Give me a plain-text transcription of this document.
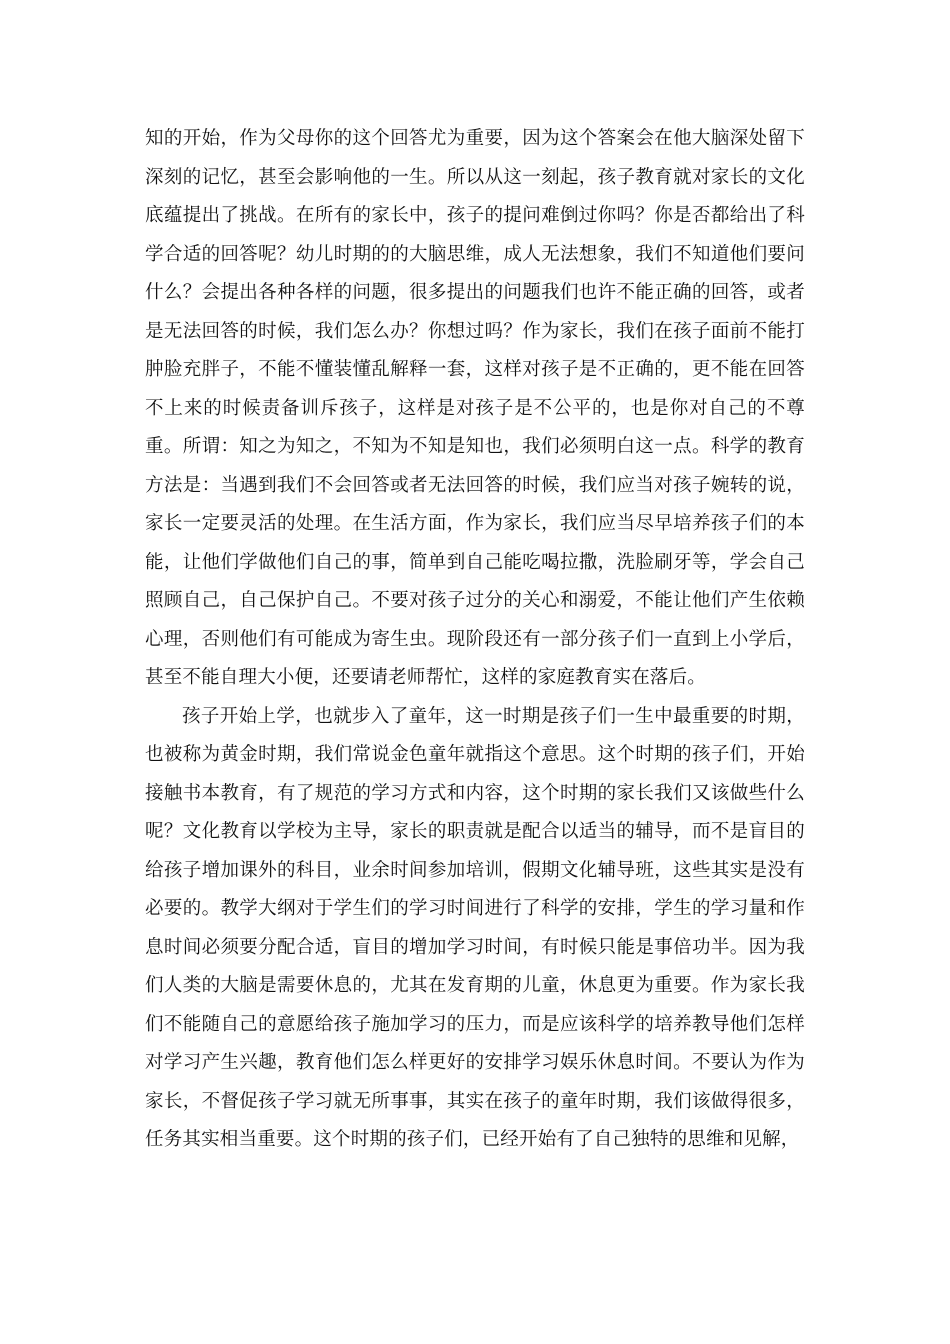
知的开始，作为父母你的这个回答尤为重要，因为这个答案会在他大脑深处留下深刻的记忆，甚至会影响他的一生。所以从这一刻起，孩子教育就对家长的文化底蕴提出了挑战。在所有的家长中，孩子的提问难倒过你吗？你是否都给出了科学合适的回答呢？幼儿时期的的大脑思维，成人无法想象，我们不知道他们要问什么？会提出各种各样的问题，很多提出的问题我们也许不能正确的回答，或者是无法回答的时候，我们怎么办？你想过吗？作为家长，我们在孩子面前不能打肿脸充胖子，不能不懂装懂乱解释一套，这样对孩子是不正确的，更不能在回答不上来的时候责备训斥孩子，这样是对孩子是不公平的，也是你对自己的不尊重。所谓：知之为知之，不知为不知是知也，我们必须明白这一点。科学的教育方法是：当遇到我们不会回答或者无法回答的时候，我们应当对孩子婉转的说，家长一定要灵活的处理。在生活方面，作为家长，我们应当尽早培养孩子们的本能，让他们学做他们自己的事，简单到自己能吃喝拉撒，洗脸刷牙等，学会自己照顾自己，自己保护自己。不要对孩子过分的关心和溺爱，不能让他们产生依赖心理，否则他们有可能成为寄生虫。现阶段还有一部分孩子们一直到上小学后，甚至不能自理大小便，还要请老师帮忙，这样的家庭教育实在落后。

孩子开始上学，也就步入了童年，这一时期是孩子们一生中最重要的时期，也被称为黄金时期，我们常说金色童年就指这个意思。这个时期的孩子们，开始接触书本教育，有了规范的学习方式和内容，这个时期的家长我们又该做些什么呢？文化教育以学校为主导，家长的职责就是配合以适当的辅导，而不是盲目的给孩子增加课外的科目，业余时间参加培训，假期文化辅导班，这些其实是没有必要的。教学大纲对于学生们的学习时间进行了科学的安排，学生的学习量和作息时间必须要分配合适，盲目的增加学习时间，有时候只能是事倍功半。因为我们人类的大脑是需要休息的，尤其在发育期的儿童，休息更为重要。作为家长我们不能随自己的意愿给孩子施加学习的压力，而是应该科学的培养教导他们怎样对学习产生兴趣，教育他们怎么样更好的安排学习娱乐休息时间。不要认为作为家长，不督促孩子学习就无所事事，其实在孩子的童年时期，我们该做得很多，任务其实相当重要。这个时期的孩子们，已经开始有了自己独特的思维和见解，
